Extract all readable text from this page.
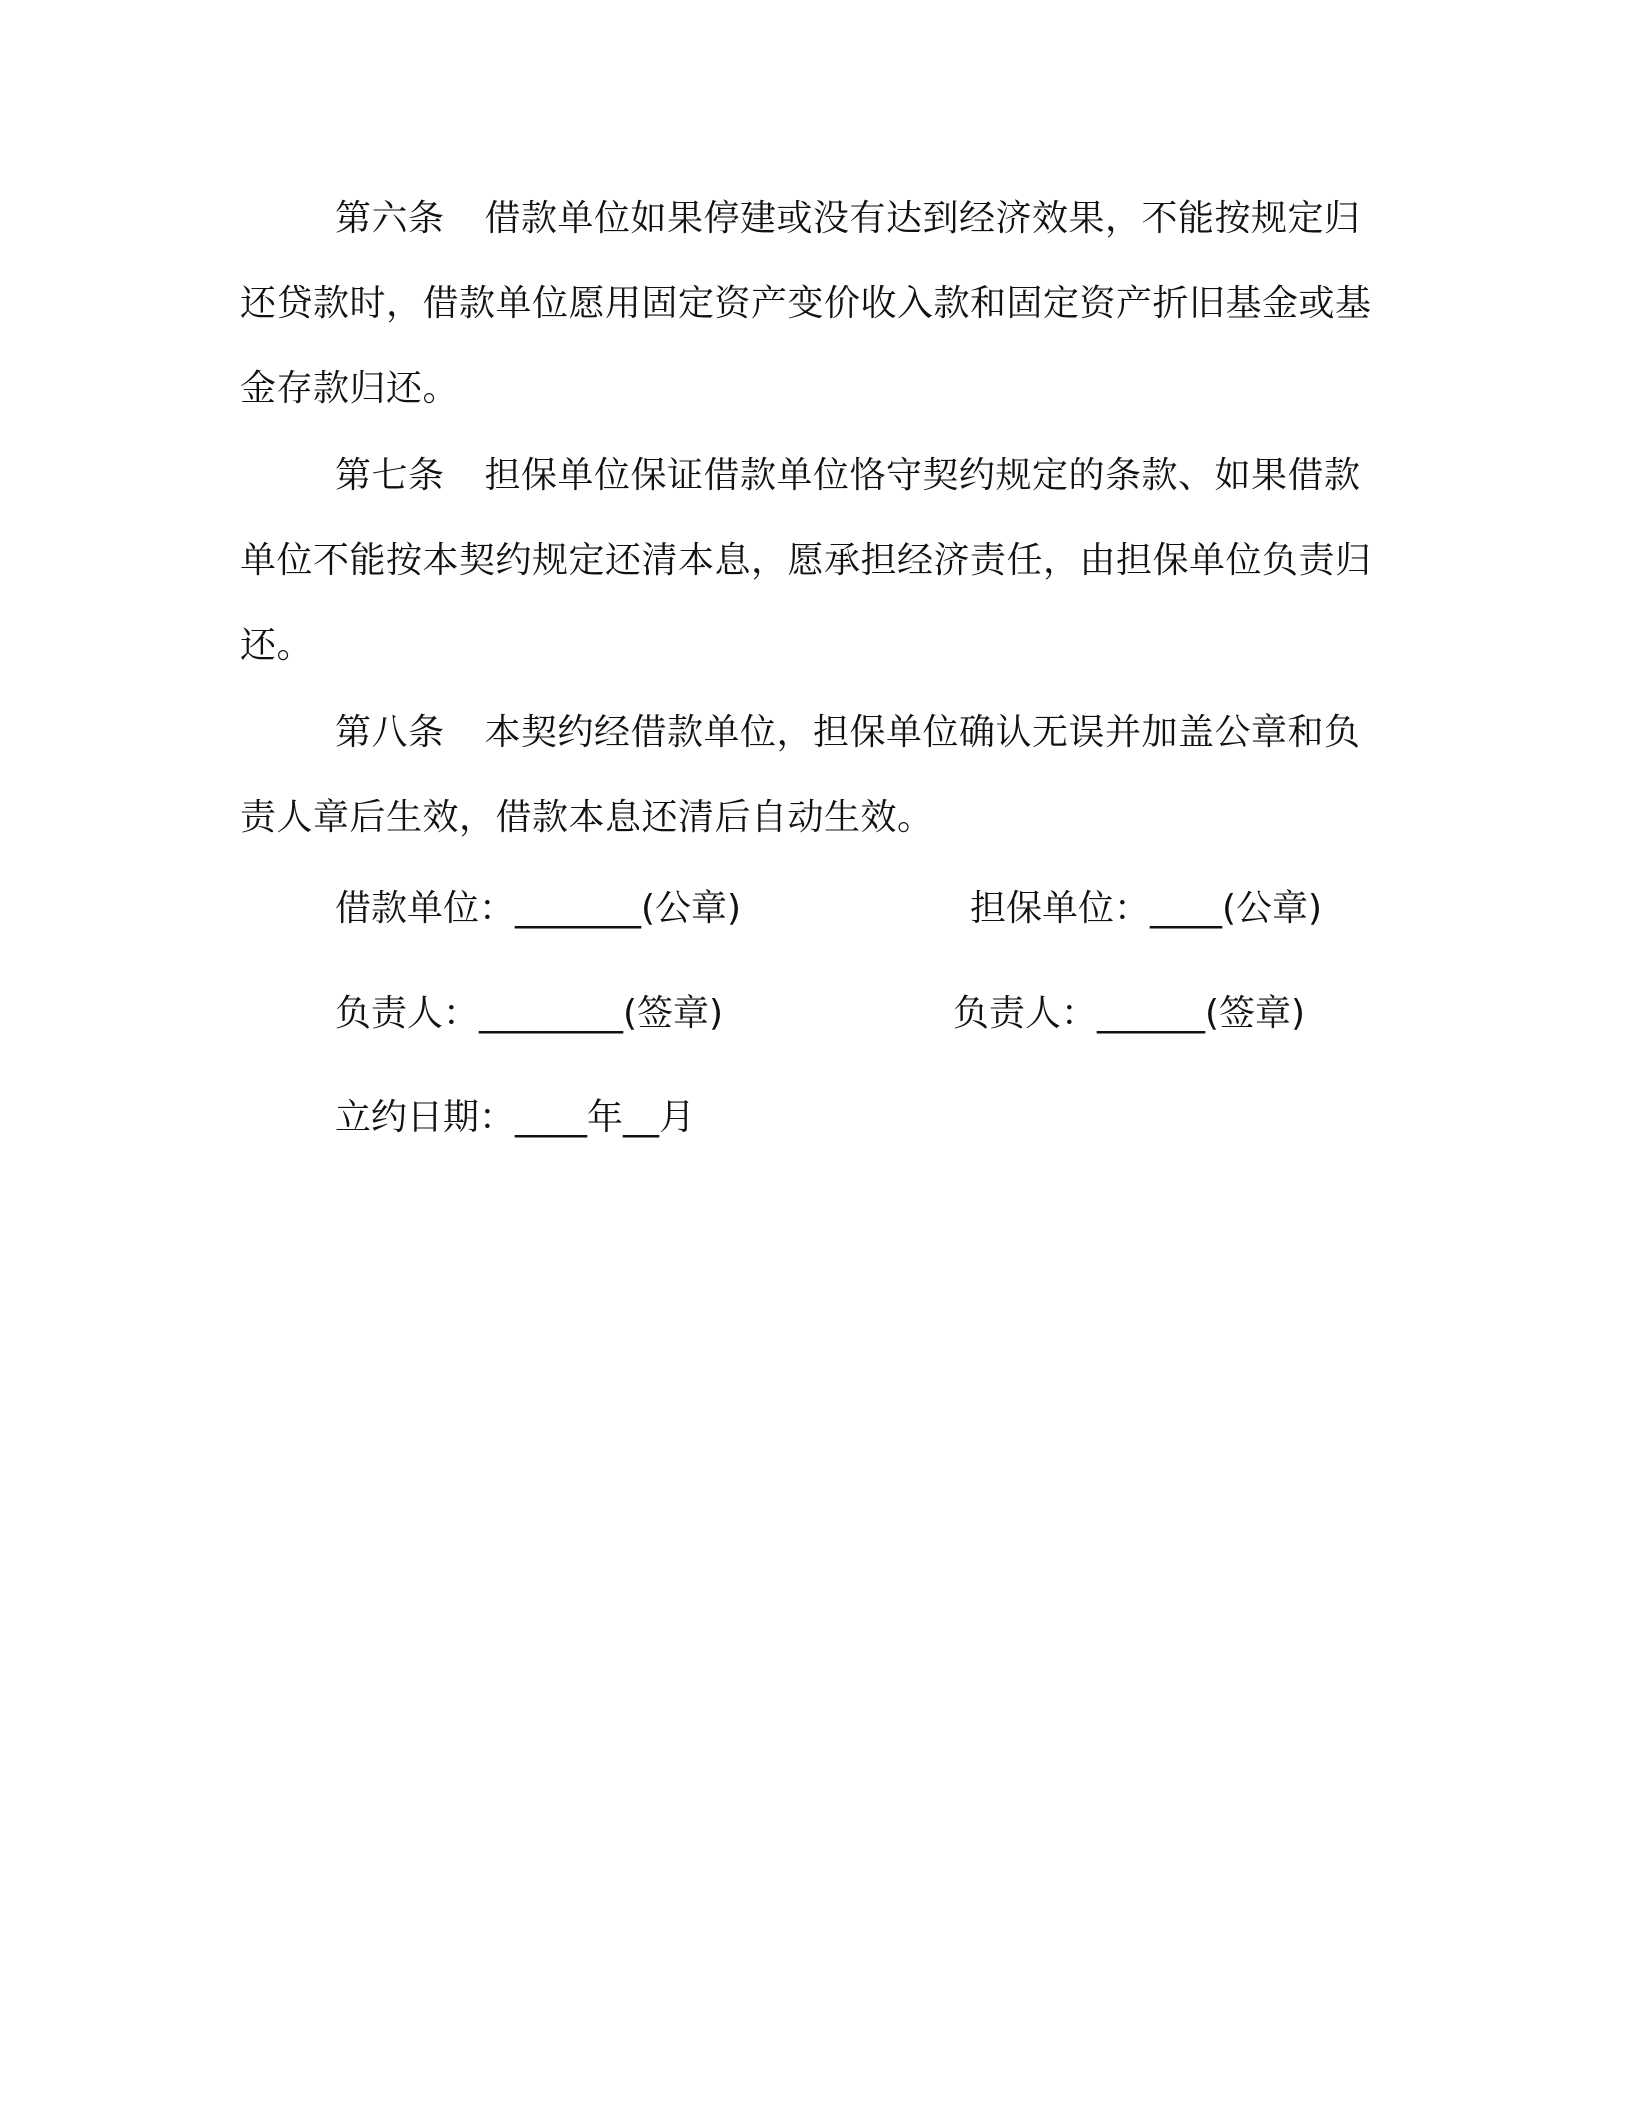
第六条 借款单位如果停建或没有达到经济效果，不能按规定归还贷款时，借款单位愿用固定资产变价收入款和固定资产折旧基金或基金存款归还。
第七条 担保单位保证借款单位恪守契约规定的条款、如果借款单位不能按本契约规定还清本息，愿承担经济责任，由担保单位负责归还。
第八条 本契约经借款单位，担保单位确认无误并加盖公章和负责人章后生效，借款本息还清后自动生效。
借款单位：_______(公章)	担保单位：____(公章)
负责人：________(签章)	负责人：______(签章)
立约日期：____年__月
